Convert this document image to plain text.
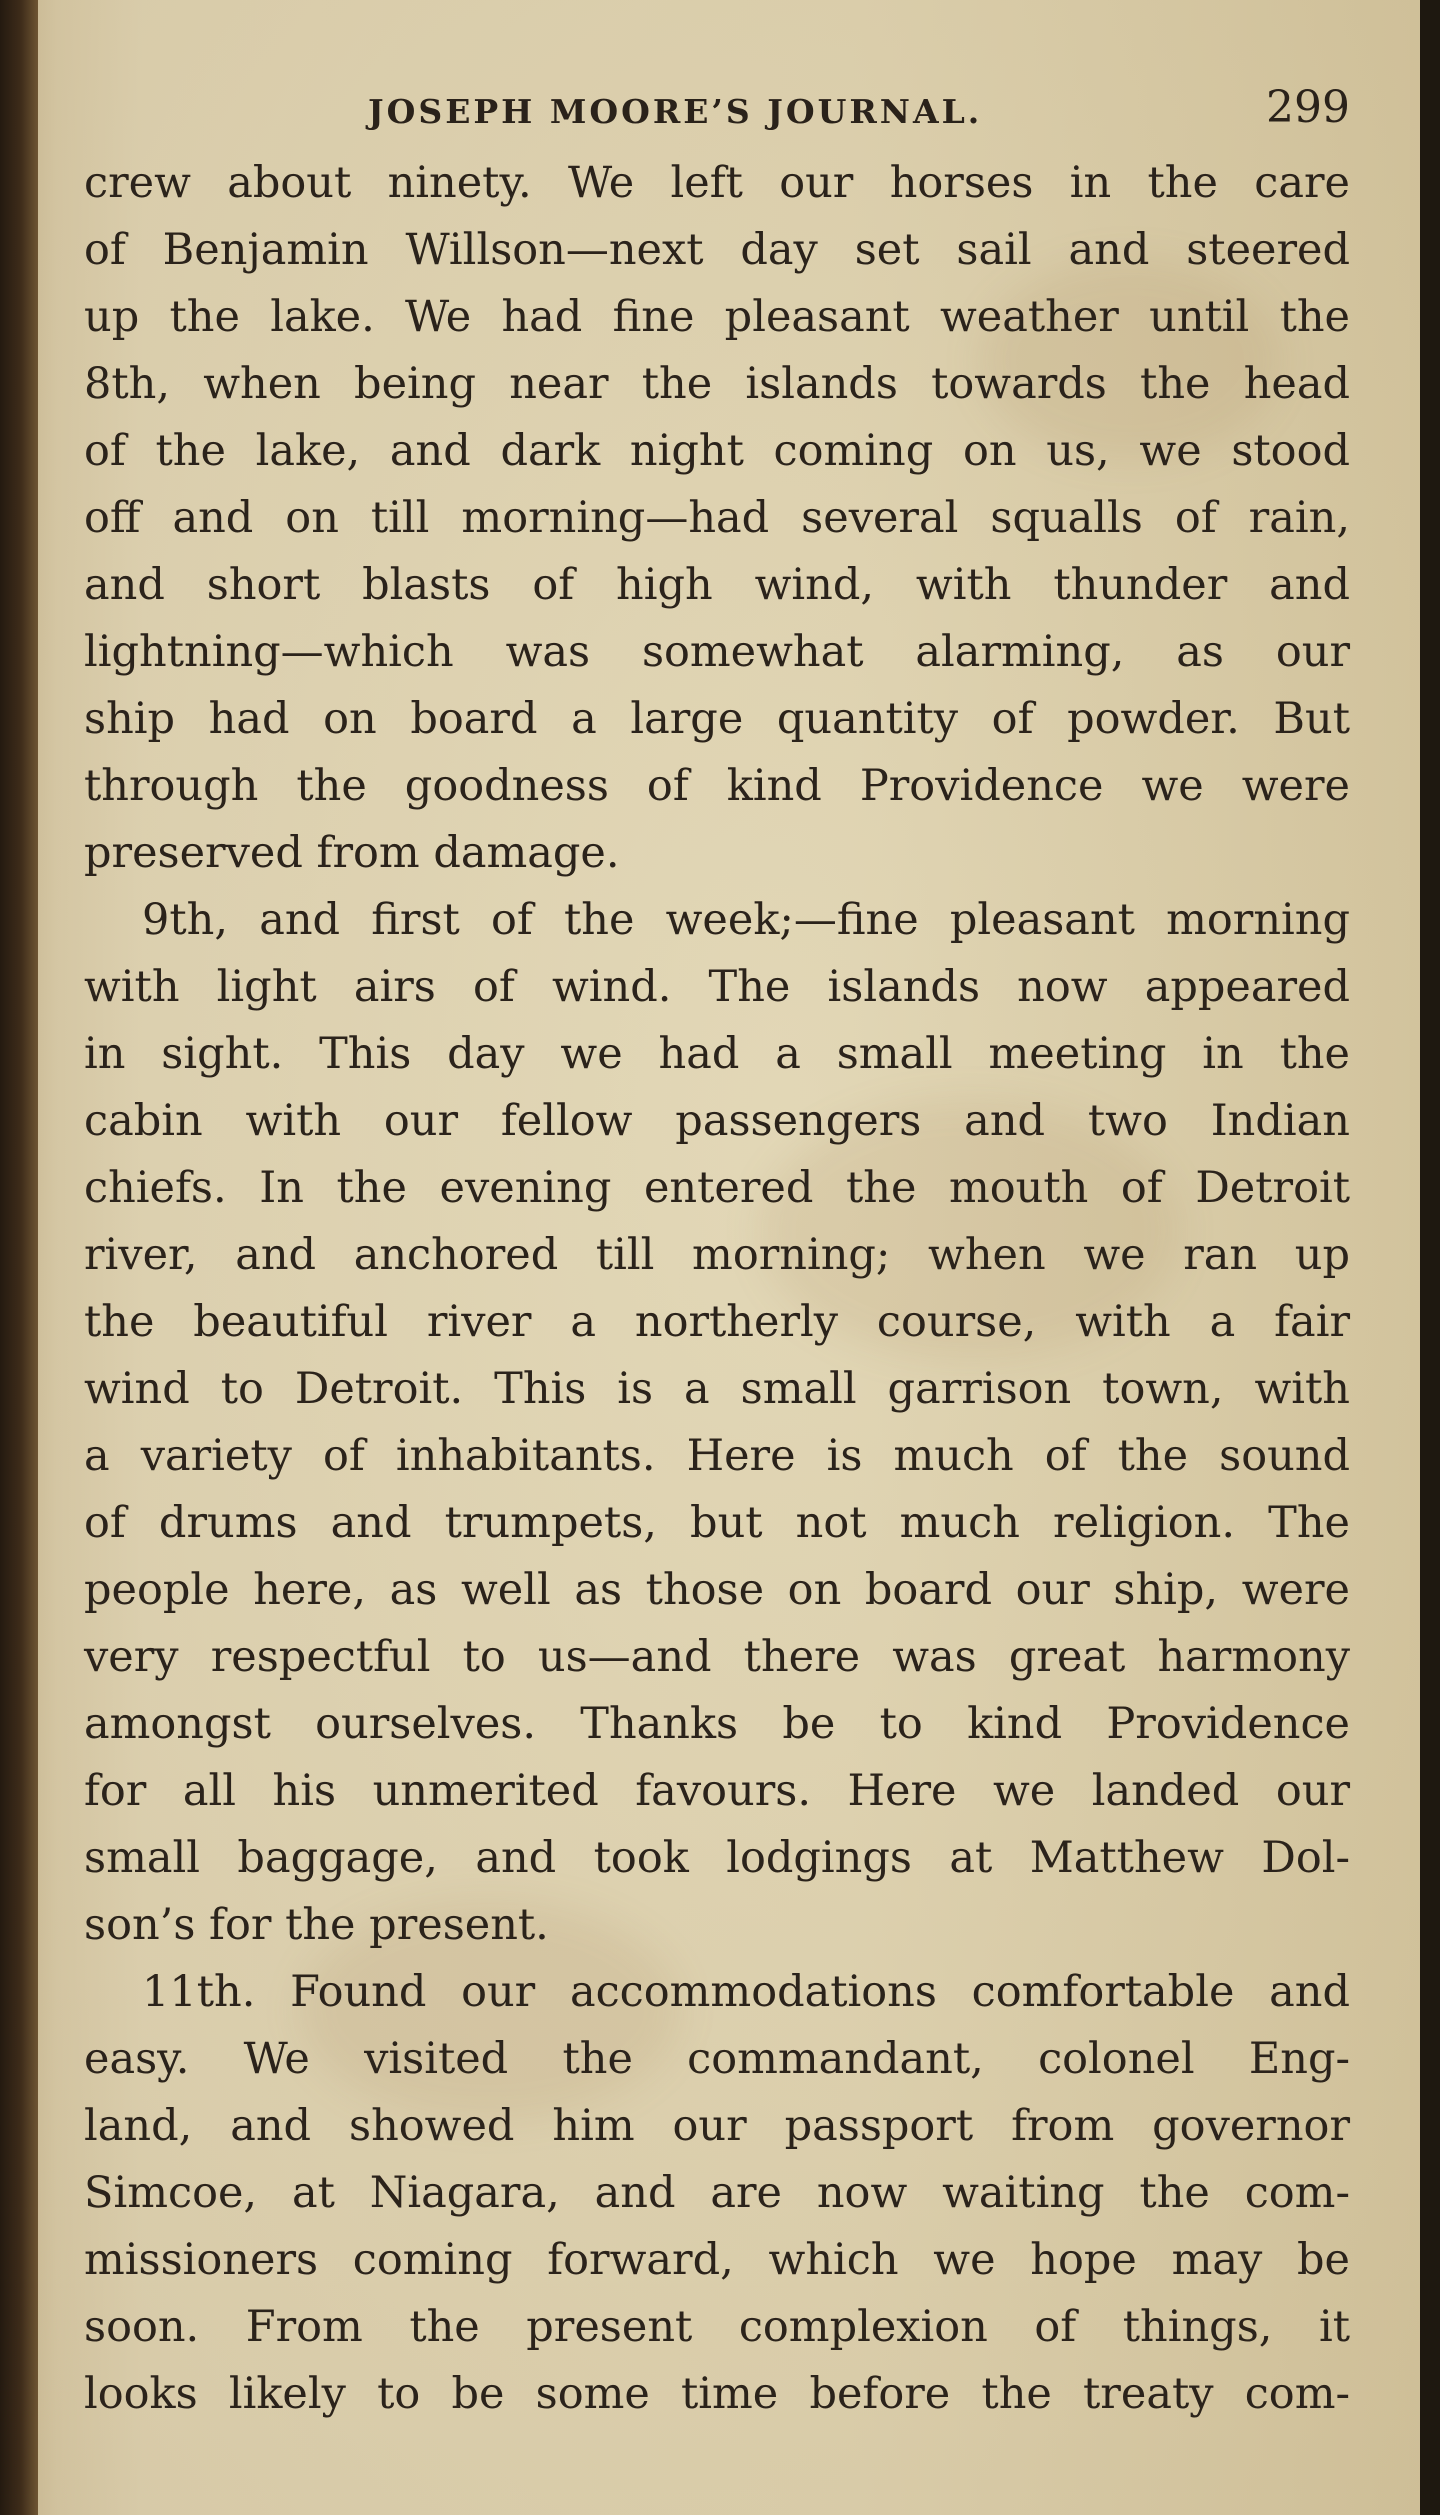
JOSEPH MOORE’S JOURNAL.	299
crew about ninety. We left our horses in the care
of Benjamin Willson—next day set sail and steered
up the lake. We had fine pleasant weather until the
8th, when being near the islands towards the head
of the lake, and dark night coming on us, we stood
off and on till morning—had several squalls of rain,
and short blasts of high wind, with thunder and
lightning—which was somewhat alarming, as our
ship had on board a large quantity of powder. But
through the goodness of kind Providence we were
preserved from damage.
9th, and first of the week;—fine pleasant morning
with light airs of wind. The islands now appeared
in sight. This day we had a small meeting in the
cabin with our fellow passengers and two Indian
chiefs. In the evening entered the mouth of Detroit
river, and anchored till morning; when we ran up
the beautiful river a northerly course, with a fair
wind to Detroit. This is a small garrison town, with
a variety of inhabitants. Here is much of the sound
of drums and trumpets, but not much religion. The
people here, as well as those on board our ship, were
very respectful to us—and there was great harmony
amongst ourselves. Thanks be to kind Providence
for all his unmerited favours. Here we landed our
small baggage, and took lodgings at Matthew Dol-
son’s for the present.
11th. Found our accommodations comfortable and
easy. We visited the commandant, colonel Eng-
land, and showed him our passport from governor
Simcoe, at Niagara, and are now waiting the com-
missioners coming forward, which we hope may be
soon. From the present complexion of things, it
looks likely to be some time before the treaty com-
